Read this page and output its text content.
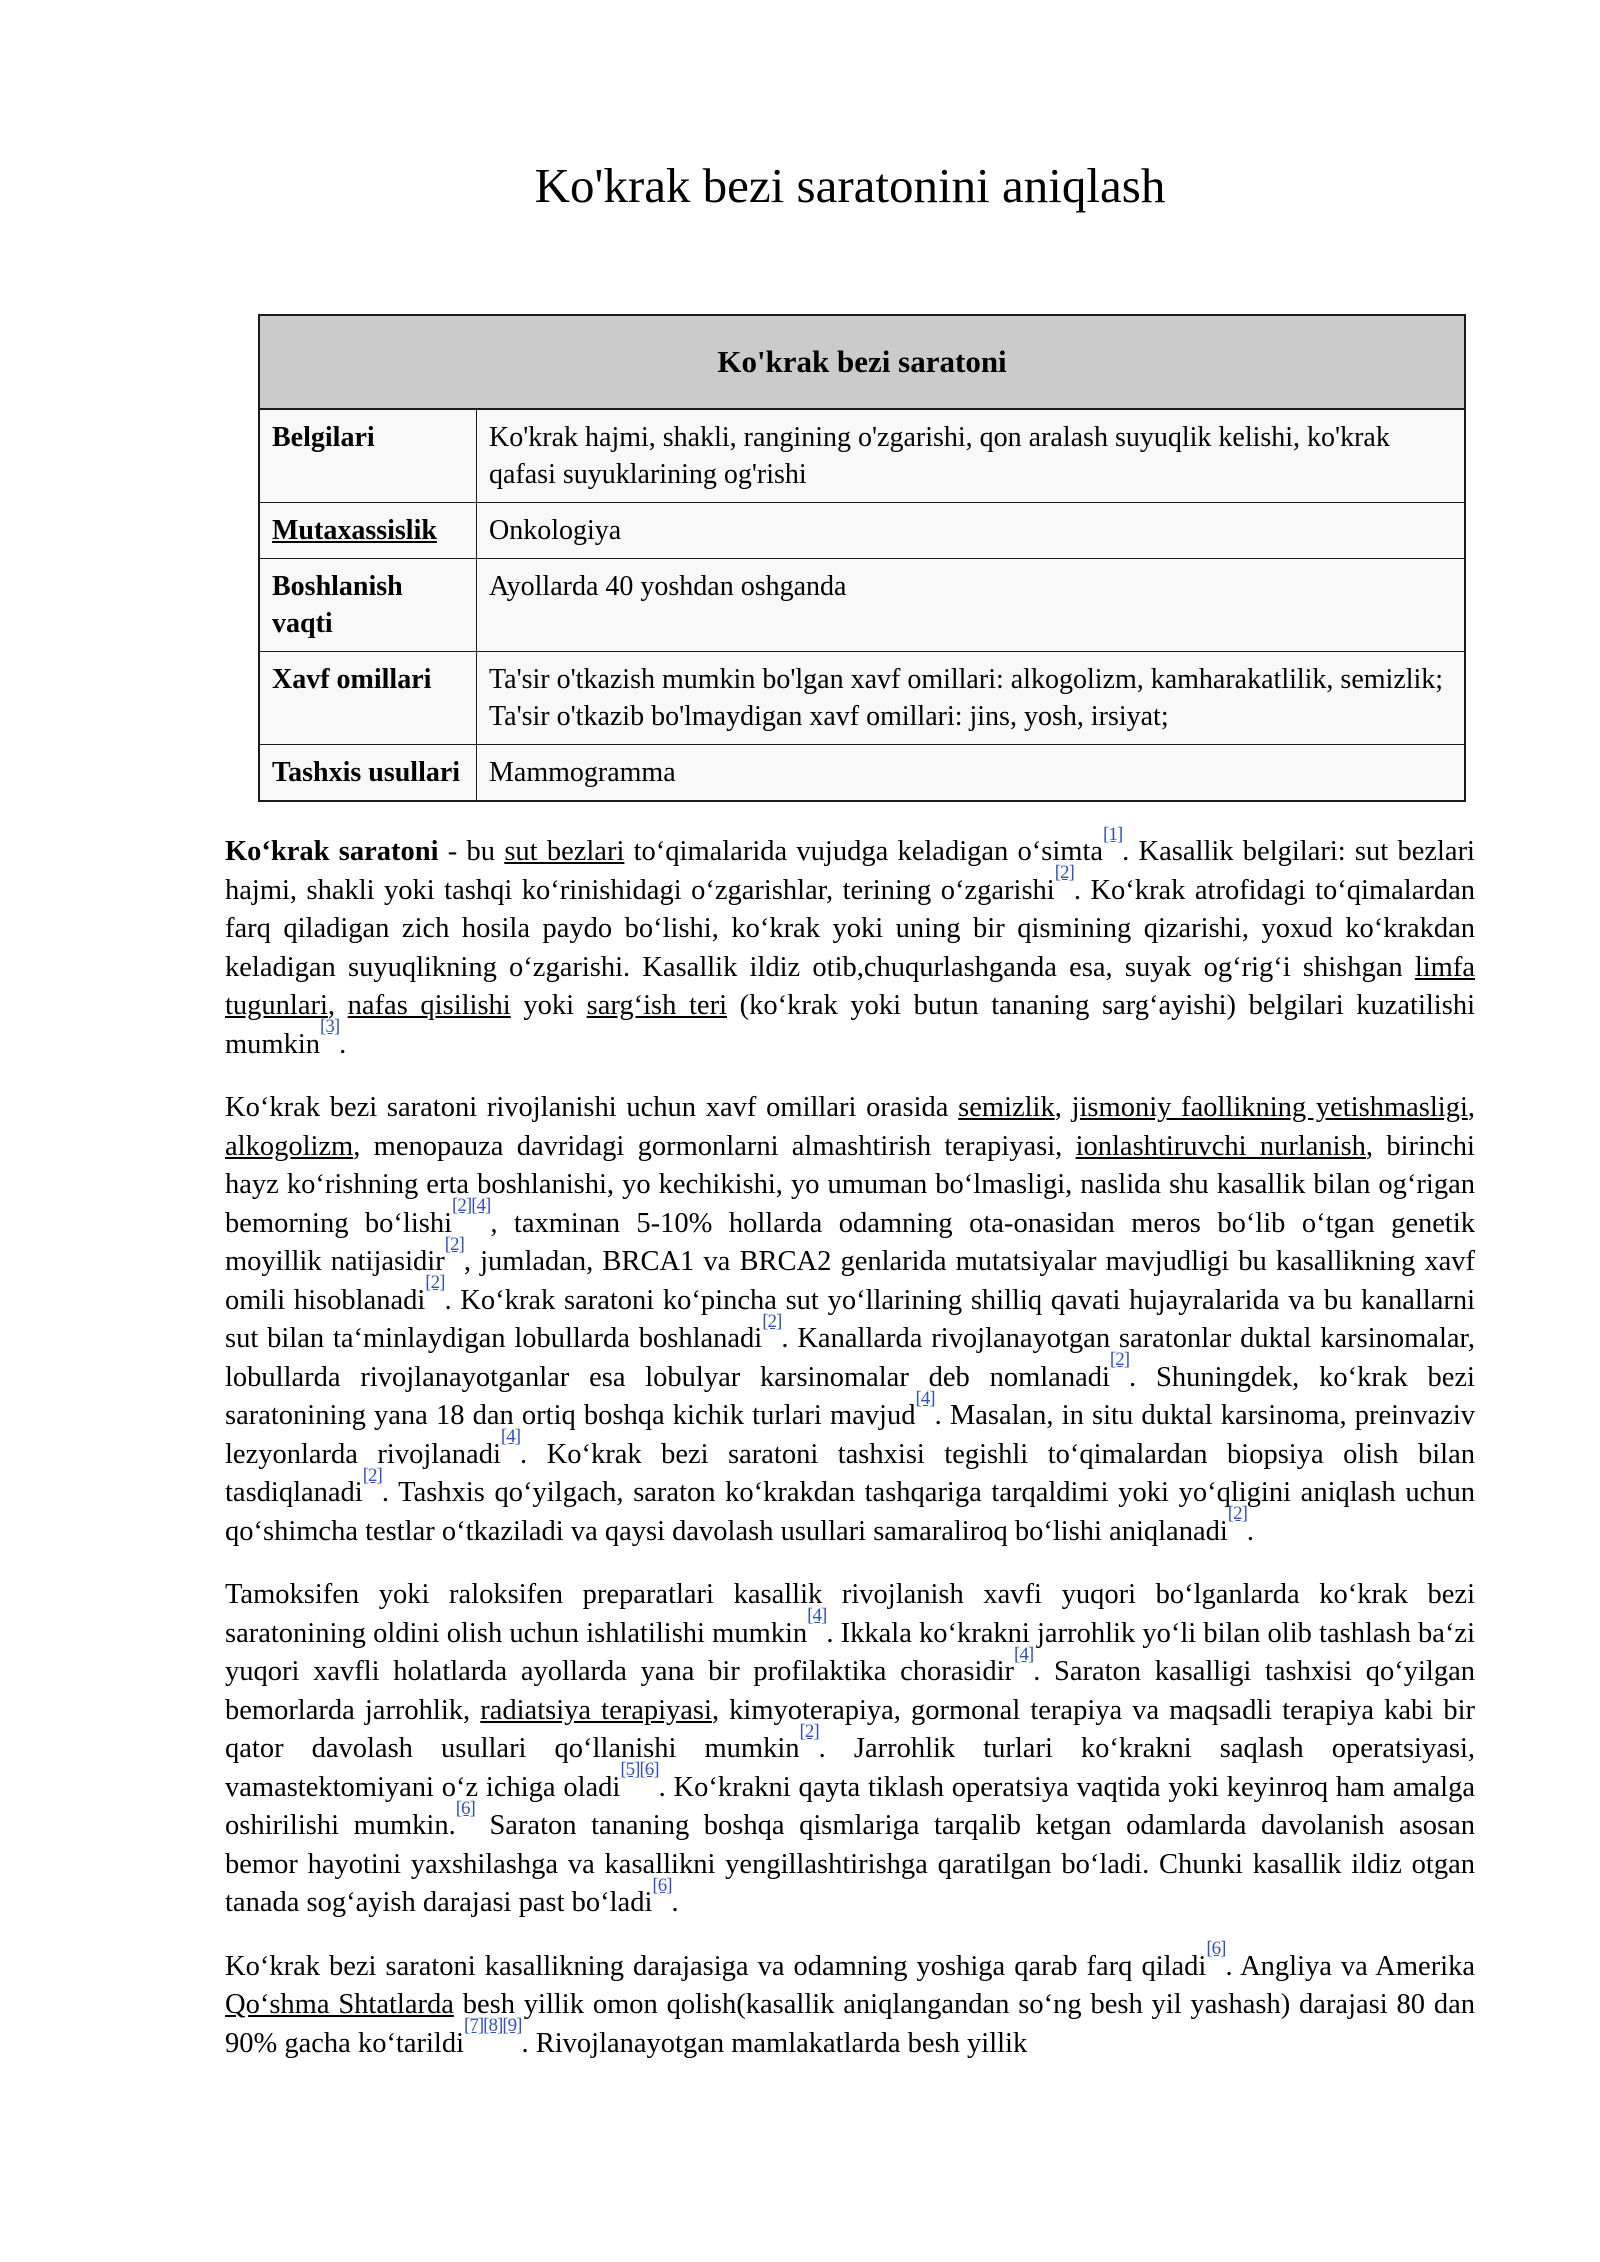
Ko'krak bezi saratonini aniqlash
Ko'krak bezi saratoni	
Belgilari	Ko'krak hajmi, shakli, rangining o'zgarishi, qon aralash suyuqlik kelishi, ko'krak qafasi suyuklarining og'rishi
Mutaxassislik	Onkologiya
Boshlanish vaqti	Ayollarda 40 yoshdan oshganda
Xavf omillari	Ta'sir o'tkazish mumkin bo'lgan xavf omillari: alkogolizm, kamharakatlilik, semizlik; Ta'sir o'tkazib bo'lmaydigan xavf omillari: jins, yosh, irsiyat;
Tashxis usullari	Mammogramma

Koʻkrak saratoni - bu sut bezlari toʻqimalarida vujudga keladigan oʻsimta[1]. Kasallik belgilari: sut bezlari hajmi, shakli yoki tashqi koʻrinishidagi oʻzgarishlar, terining oʻzgarishi[2]. Koʻkrak atrofidagi toʻqimalardan farq qiladigan zich hosila paydo boʻlishi, koʻkrak yoki uning bir qismining qizarishi, yoxud koʻkrakdan keladigan suyuqlikning oʻzgarishi. Kasallik ildiz otib,chuqurlashganda esa, suyak ogʻrigʻi shishgan limfa tugunlari, nafas qisilishi yoki sargʻish teri (koʻkrak yoki butun tananing sargʻayishi) belgilari kuzatilishi mumkin[3].

Koʻkrak bezi saratoni rivojlanishi uchun xavf omillari orasida semizlik, jismoniy faollikning yetishmasligi, alkogolizm, menopauza davridagi gormonlarni almashtirish terapiyasi, ionlashtiruvchi nurlanish, birinchi hayz koʻrishning erta boshlanishi, yo kechikishi, yo umuman boʻlmasligi, naslida shu kasallik bilan ogʻrigan bemorning boʻlishi[2][4], taxminan 5-10% hollarda odamning ota-onasidan meros boʻlib oʻtgan genetik moyillik natijasidir[2], jumladan, BRCA1 va BRCA2 genlarida mutatsiyalar mavjudligi bu kasallikning xavf omili hisoblanadi[2]. Koʻkrak saratoni koʻpincha sut yoʻllarining shilliq qavati hujayralarida va bu kanallarni sut bilan taʻminlaydigan lobullarda boshlanadi[2]. Kanallarda rivojlanayotgan saratonlar duktal karsinomalar, lobullarda rivojlanayotganlar esa lobulyar karsinomalar deb nomlanadi[2]. Shuningdek, koʻkrak bezi saratonining yana 18 dan ortiq boshqa kichik turlari mavjud[4]. Masalan, in situ duktal karsinoma, preinvaziv lezyonlarda rivojlanadi[4]. Koʻkrak bezi saratoni tashxisi tegishli toʻqimalardan biopsiya olish bilan tasdiqlanadi[2]. Tashxis qoʻyilgach, saraton koʻkrakdan tashqariga tarqaldimi yoki yoʻqligini aniqlash uchun qoʻshimcha testlar oʻtkaziladi va qaysi davolash usullari samaraliroq boʻlishi aniqlanadi[2].

Tamoksifen yoki raloksifen preparatlari kasallik rivojlanish xavfi yuqori boʻlganlarda koʻkrak bezi saratonining oldini olish uchun ishlatilishi mumkin[4]. Ikkala koʻkrakni jarrohlik yoʻli bilan olib tashlash baʻzi yuqori xavfli holatlarda ayollarda yana bir profilaktika chorasidir[4]. Saraton kasalligi tashxisi qoʻyilgan bemorlarda jarrohlik, radiatsiya terapiyasi, kimyoterapiya, gormonal terapiya va maqsadli terapiya kabi bir qator davolash usullari qoʻllanishi mumkin[2]. Jarrohlik turlari koʻkrakni saqlash operatsiyasi, vamastektomiyani oʻz ichiga oladi[5][6]. Koʻkrakni qayta tiklash operatsiya vaqtida yoki keyinroq ham amalga oshirilishi mumkin.[6] Saraton tananing boshqa qismlariga tarqalib ketgan odamlarda davolanish asosan bemor hayotini yaxshilashga va kasallikni yengillashtirishga qaratilgan boʻladi. Chunki kasallik ildiz otgan tanada sogʻayish darajasi past boʻladi[6].

Koʻkrak bezi saratoni kasallikning darajasiga va odamning yoshiga qarab farq qiladi[6]. Angliya va Amerika Qoʻshma Shtatlarda besh yillik omon qolish(kasallik aniqlangandan soʻng besh yil yashash) darajasi 80 dan 90% gacha koʻtarildi[7][8][9]. Rivojlanayotgan mamlakatlarda besh yillik
